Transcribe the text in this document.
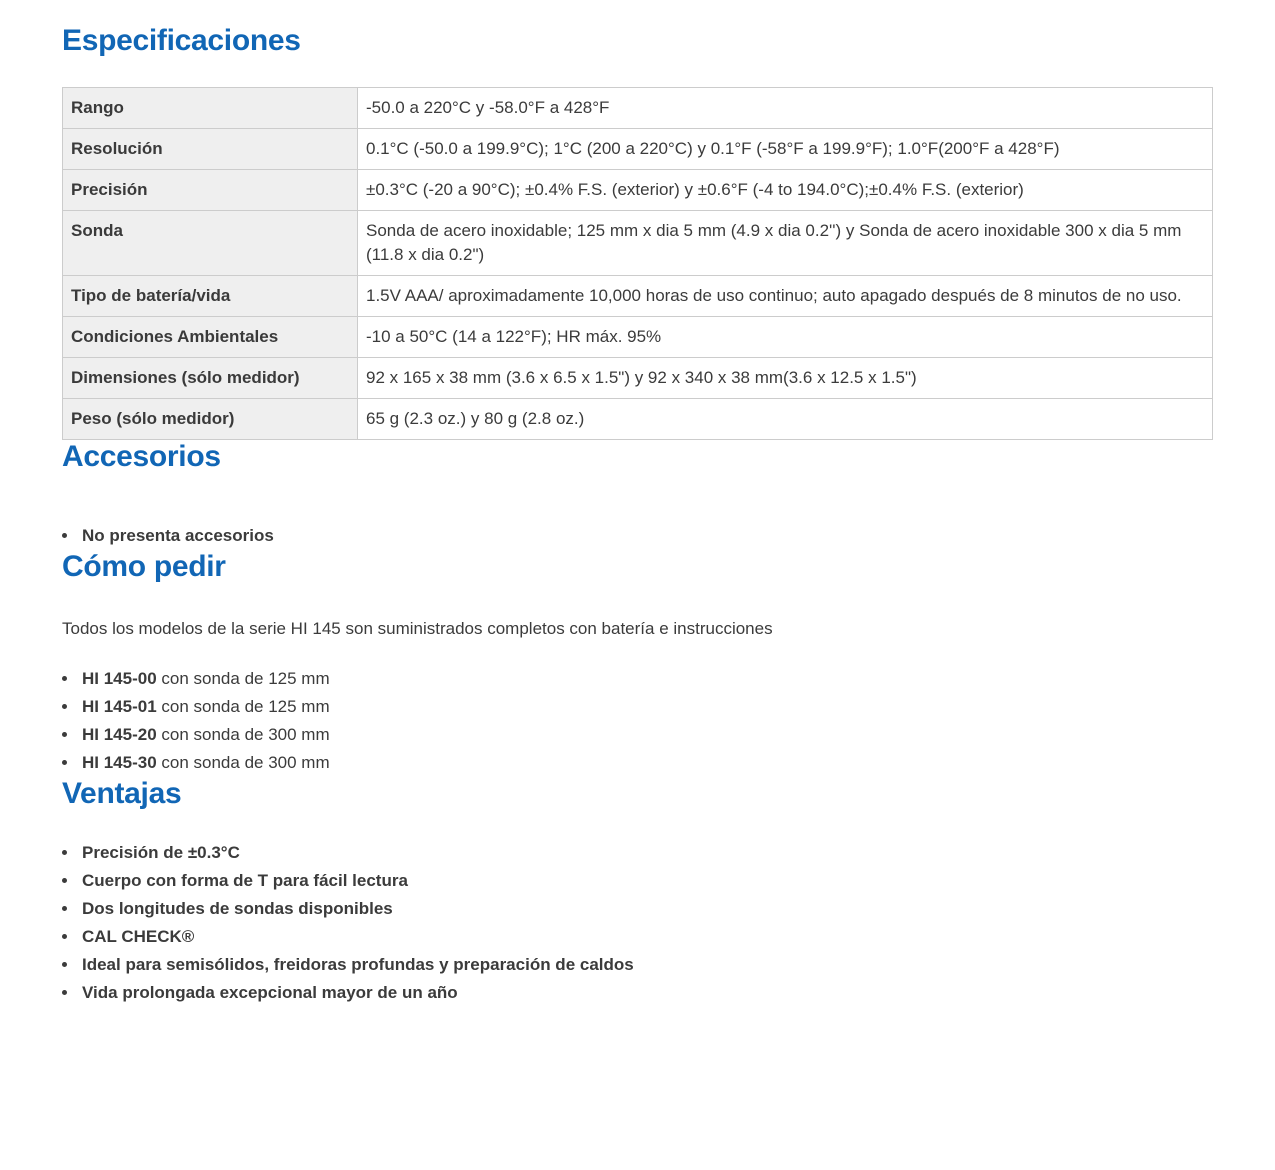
Especificaciones
Rango	-50.0 a 220°C y -58.0°F a 428°F
Resolución	0.1°C (-50.0 a 199.9°C); 1°C (200 a 220°C) y 0.1°F (-58°F a 199.9°F); 1.0°F(200°F a 428°F)
Precisión	±0.3°C (-20 a 90°C); ±0.4% F.S. (exterior) y ±0.6°F (-4 to 194.0°C);±0.4% F.S. (exterior)
Sonda	Sonda de acero inoxidable; 125 mm x dia 5 mm (4.9 x dia 0.2'') y Sonda de acero inoxidable 300 x dia 5 mm (11.8 x dia 0.2")
Tipo de batería/vida	1.5V AAA/ aproximadamente 10,000 horas de uso continuo; auto apagado después de 8 minutos de no uso.
Condiciones Ambientales	-10 a 50°C (14 a 122°F); HR máx. 95%
Dimensiones (sólo medidor)	92 x 165 x 38 mm (3.6 x 6.5 x 1.5") y 92 x 340 x 38 mm(3.6 x 12.5 x 1.5")
Peso (sólo medidor)	65 g (2.3 oz.) y 80 g (2.8 oz.)
Accesorios
• No presenta accesorios
Cómo pedir

Todos los modelos de la serie HI 145 son suministrados completos con batería e instrucciones

• HI 145-00 con sonda de 125 mm
• HI 145-01 con sonda de 125 mm
• HI 145-20 con sonda de 300 mm
• HI 145-30 con sonda de 300 mm
Ventajas
• Precisión de ±0.3°C
• Cuerpo con forma de T para fácil lectura
• Dos longitudes de sondas disponibles
• CAL CHECK®
• Ideal para semisólidos, freidoras profundas y preparación de caldos
• Vida prolongada excepcional mayor de un año
